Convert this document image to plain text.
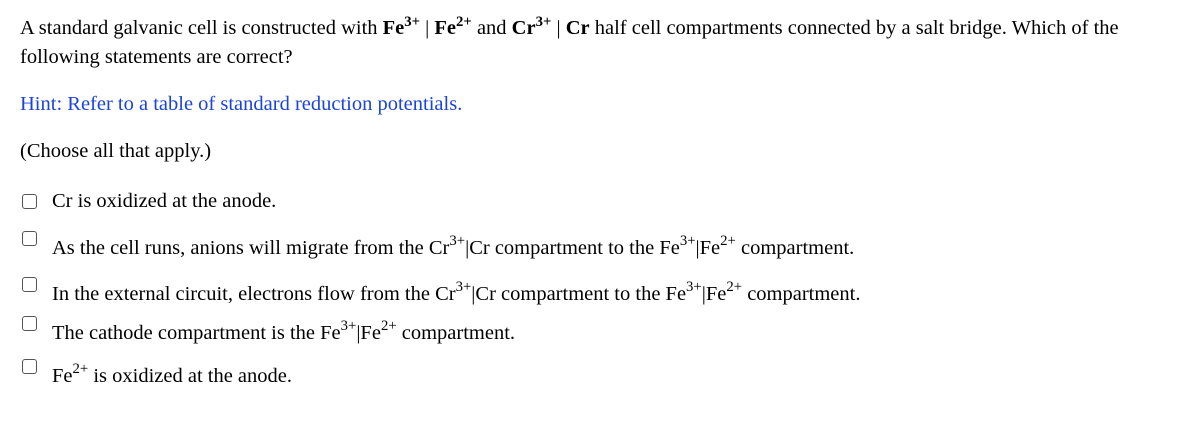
A standard galvanic cell is constructed with $Fe^{3+}$ | $Fe^{2+}$ and $Cr^{3+}$ | Cr half cell compartments connected by a salt bridge. Which of the following statements are correct?
Hint: Refer to a table of standard reduction potentials.
(Choose all that apply.)
Cr is oxidized at the anode.
As the cell runs, anions will migrate from the $Cr^{3+}|Cr$ compartment to the $Fe^{3+}|Fe^{2+}$ compartment.
In the external circuit, electrons flow from the $Cr^{3+}|Cr$ compartment to the $Fe^{3+}|Fe^{2+}$ compartment.
The cathode compartment is the $Fe^{3+}|Fe^{2+}$ compartment.
$Fe^{2+}$ is oxidized at the anode.
